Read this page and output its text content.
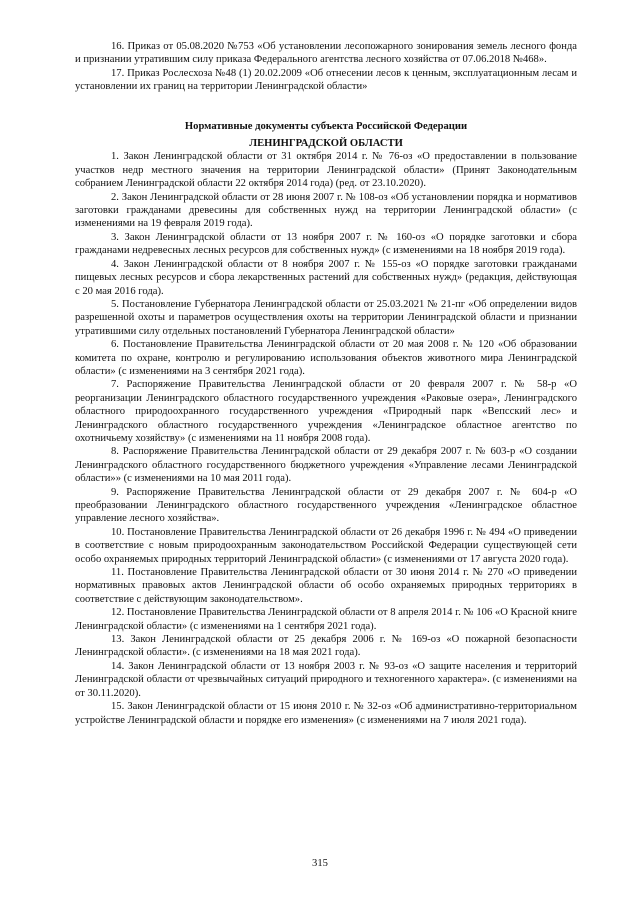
16. Приказ от 05.08.2020 №753 «Об установлении лесопожарного зонирования земель лесного фонда и признании утратившим силу приказа Федерального агентства лесного хозяйства от 07.06.2018 №468».

17. Приказ Рослесхоза №48 (1) 20.02.2009 «Об отнесении лесов к ценным, эксплуатационным лесам и установлении их границ на территории Ленинградской области»

Нормативные документы субъекта Российской Федерации

ЛЕНИНГРАДСКОЙ ОБЛАСТИ

1. Закон Ленинградской области от 31 октября 2014 г. № 76-оз «О предоставлении в пользование участков недр местного значения на территории Ленинградской области» (Принят Законодательным собранием Ленинградской области 22 октября 2014 года) (ред. от 23.10.2020).

2. Закон Ленинградской области от 28 июня 2007 г. № 108-оз «Об установлении порядка и нормативов заготовки гражданами древесины для собственных нужд на территории Ленинградской области» (с изменениями на 19 февраля 2019 года).

3. Закон Ленинградской области от 13 ноября 2007 г. № 160-оз «О порядке заготовки и сбора гражданами недревесных лесных ресурсов для собственных нужд» (с изменениями на 18 ноября 2019 года).

4. Закон Ленинградской области от 8 ноября 2007 г. № 155-оз «О порядке заготовки гражданами пищевых лесных ресурсов и сбора лекарственных растений для собственных нужд» (редакция, действующая с 20 мая 2016 года).

5. Постановление Губернатора Ленинградской области от 25.03.2021 № 21-пг «Об определении видов разрешенной охоты и параметров осуществления охоты на территории Ленинградской области и признании утратившими силу отдельных постановлений Губернатора Ленинградской области»

6. Постановление Правительства Ленинградской области от 20 мая 2008 г. № 120 «Об образовании комитета по охране, контролю и регулированию использования объектов животного мира Ленинградской области» (с изменениями на 3 сентября 2021 года).

7. Распоряжение Правительства Ленинградской области от 20 февраля 2007 г. № 58-р «О реорганизации Ленинградского областного государственного учреждения «Раковые озера», Ленинградского областного природоохранного государственного учреждения «Природный парк «Вепсский лес» и Ленинградского областного государственного учреждения «Ленинградское областное агентство по охотничьему хозяйству» (с изменениями на 11 ноября 2008 года).

8. Распоряжение Правительства Ленинградской области от 29 декабря 2007 г. № 603-р «О создании Ленинградского областного государственного бюджетного учреждения «Управление лесами Ленинградской области»» (с изменениями на 10 мая 2011 года).

9. Распоряжение Правительства Ленинградской области от 29 декабря 2007 г. № 604-р «О преобразовании Ленинградского областного государственного учреждения «Ленинградское областное управление лесного хозяйства».

10. Постановление Правительства Ленинградской области от 26 декабря 1996 г. № 494 «О приведении в соответствие с новым природоохранным законодательством Российской Федерации существующей сети особо охраняемых природных территорий Ленинградской области» (с изменениями от 17 августа 2020 года).

11. Постановление Правительства Ленинградской области от 30 июня 2014 г. № 270 «О приведении нормативных правовых актов Ленинградской области об особо охраняемых природных территориях в соответствие с действующим законодательством».

12. Постановление Правительства Ленинградской области от 8 апреля 2014 г. № 106 «О Красной книге Ленинградской области» (с изменениями на 1 сентября 2021 года).

13. Закон Ленинградской области от 25 декабря 2006 г. № 169-оз «О пожарной безопасности Ленинградской области». (с изменениями на 18 мая 2021 года).

14. Закон Ленинградской области от 13 ноября 2003 г. № 93-оз «О защите населения и территорий Ленинградской области от чрезвычайных ситуаций природного и техногенного характера». (с изменениями на от 30.11.2020).

15. Закон Ленинградской области от 15 июня 2010 г. № 32-оз «Об административно-территориальном устройстве Ленинградской области и порядке его изменения» (с изменениями на 7 июля 2021 года).

315
